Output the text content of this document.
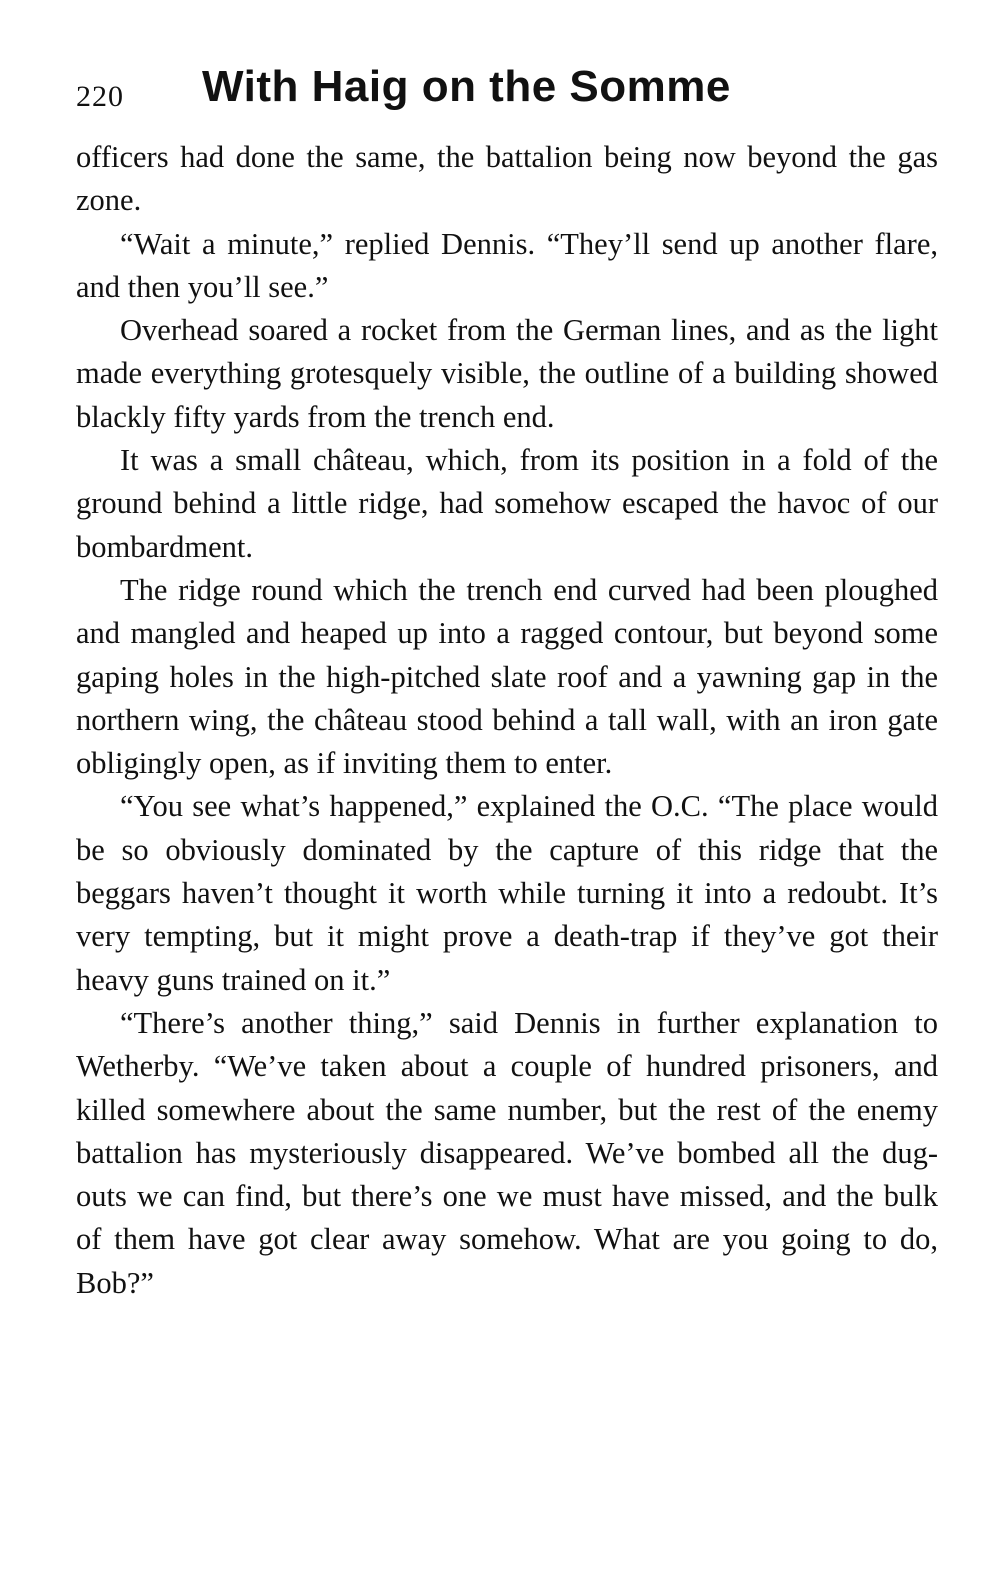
220 With Haig on the Somme

officers had done the same, the battalion being now beyond the gas zone.

“Wait a minute,” replied Dennis. “They’ll send up another flare, and then you’ll see.”

Overhead soared a rocket from the German lines, and as the light made everything grotesquely visible, the outline of a building showed blackly fifty yards from the trench end.

It was a small château, which, from its position in a fold of the ground behind a little ridge, had somehow escaped the havoc of our bombardment.

The ridge round which the trench end curved had been ploughed and mangled and heaped up into a ragged contour, but beyond some gaping holes in the high-pitched slate roof and a yawning gap in the northern wing, the château stood behind a tall wall, with an iron gate obligingly open, as if inviting them to enter.

“You see what’s happened,” explained the O.C. “The place would be so obviously dominated by the capture of this ridge that the beggars haven’t thought it worth while turning it into a redoubt. It’s very tempting, but it might prove a death-trap if they’ve got their heavy guns trained on it.”

“There’s another thing,” said Dennis in further explanation to Wetherby. “We’ve taken about a couple of hundred prisoners, and killed somewhere about the same number, but the rest of the enemy battalion has mysteriously disappeared. We’ve bombed all the dug-outs we can find, but there’s one we must have missed, and the bulk of them have got clear away somehow. What are you going to do, Bob?”
